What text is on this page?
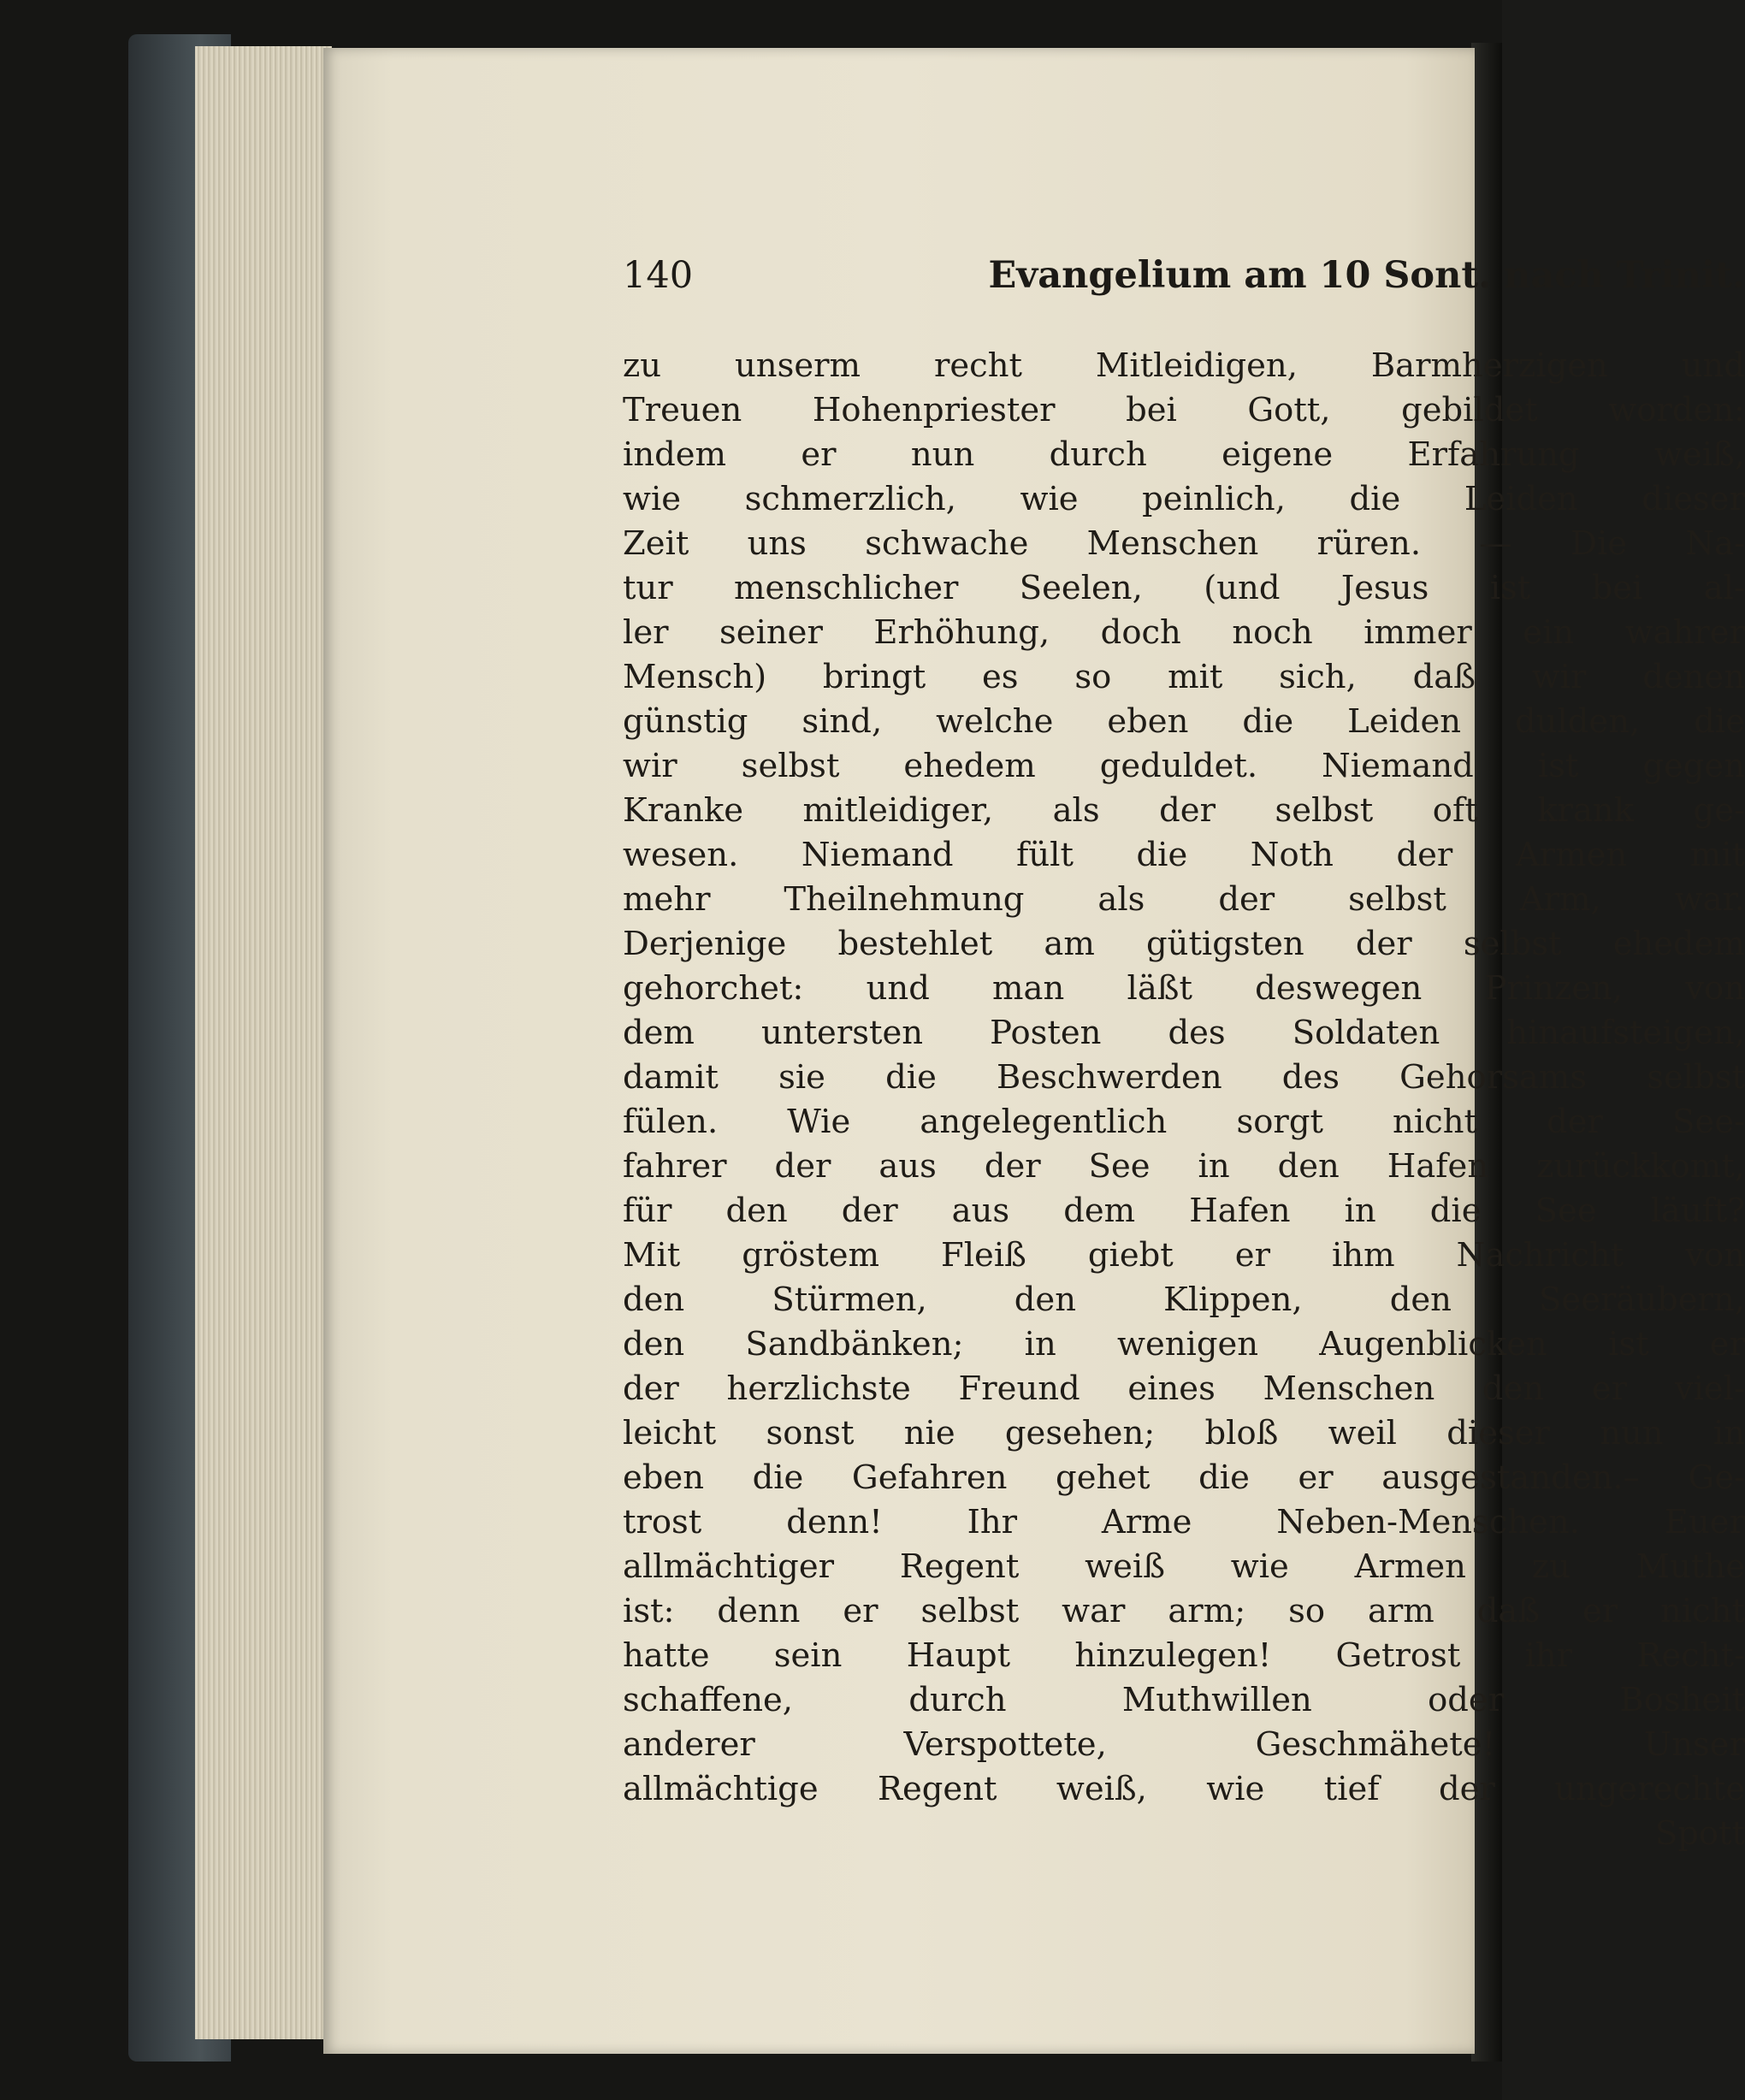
140	Evangelium am 10 Sont. nach Trinit.
zu unserm recht Mitleidigen, Barmherzigen und
Treuen Hohenpriester bei Gott, gebildet worden:
indem er nun durch eigene Erfahrung weiß,
wie schmerzlich, wie peinlich, die Leiden dieser
Zeit uns schwache Menschen rüren. — Die Na-
tur menschlicher Seelen, (und Jesus ist bei al-
ler seiner Erhöhung, doch noch immer ein wahrer
Mensch) bringt es so mit sich, daß wir denen
günstig sind, welche eben die Leiden dulden, die
wir selbst ehedem geduldet. Niemand ist gegen
Kranke mitleidiger, als der selbst oft krank ge-
wesen. Niemand fült die Noth der Armen mit
mehr Theilnehmung als der selbst Arm, war.
Derjenige bestehlet am gütigsten der selbst ehedem
gehorchet: und man läßt deswegen Prinzen, von
dem untersten Posten des Soldaten hinaufsteigen,
damit sie die Beschwerden des Gehorsams selbst
fülen. Wie angelegentlich sorgt nicht der See-
fahrer der aus der See in den Hafen zurückkomt,
für den der aus dem Hafen in die See läuft?
Mit gröstem Fleiß giebt er ihm Nachricht von
den Stürmen, den Klippen, den Seeräubern,
den Sandbänken; in wenigen Augenblicken ist er
der herzlichste Freund eines Menschen den er viel-
leicht sonst nie gesehen; bloß weil dieser nun in
eben die Gefahren gehet die er ausgestanden.– Ge-
trost denn! Ihr Arme Neben-Menschen. Euer
allmächtiger Regent weiß wie Armen zu Muthe
ist: denn er selbst war arm; so arm daß er nicht
hatte sein Haupt hinzulegen! Getrost ihr Recht-
schaffene, durch Muthwillen oder Bosheit
anderer Verspottete, Geschmähete! Unser
allmächtige Regent weiß, wie tief der ungerechte
Spott
